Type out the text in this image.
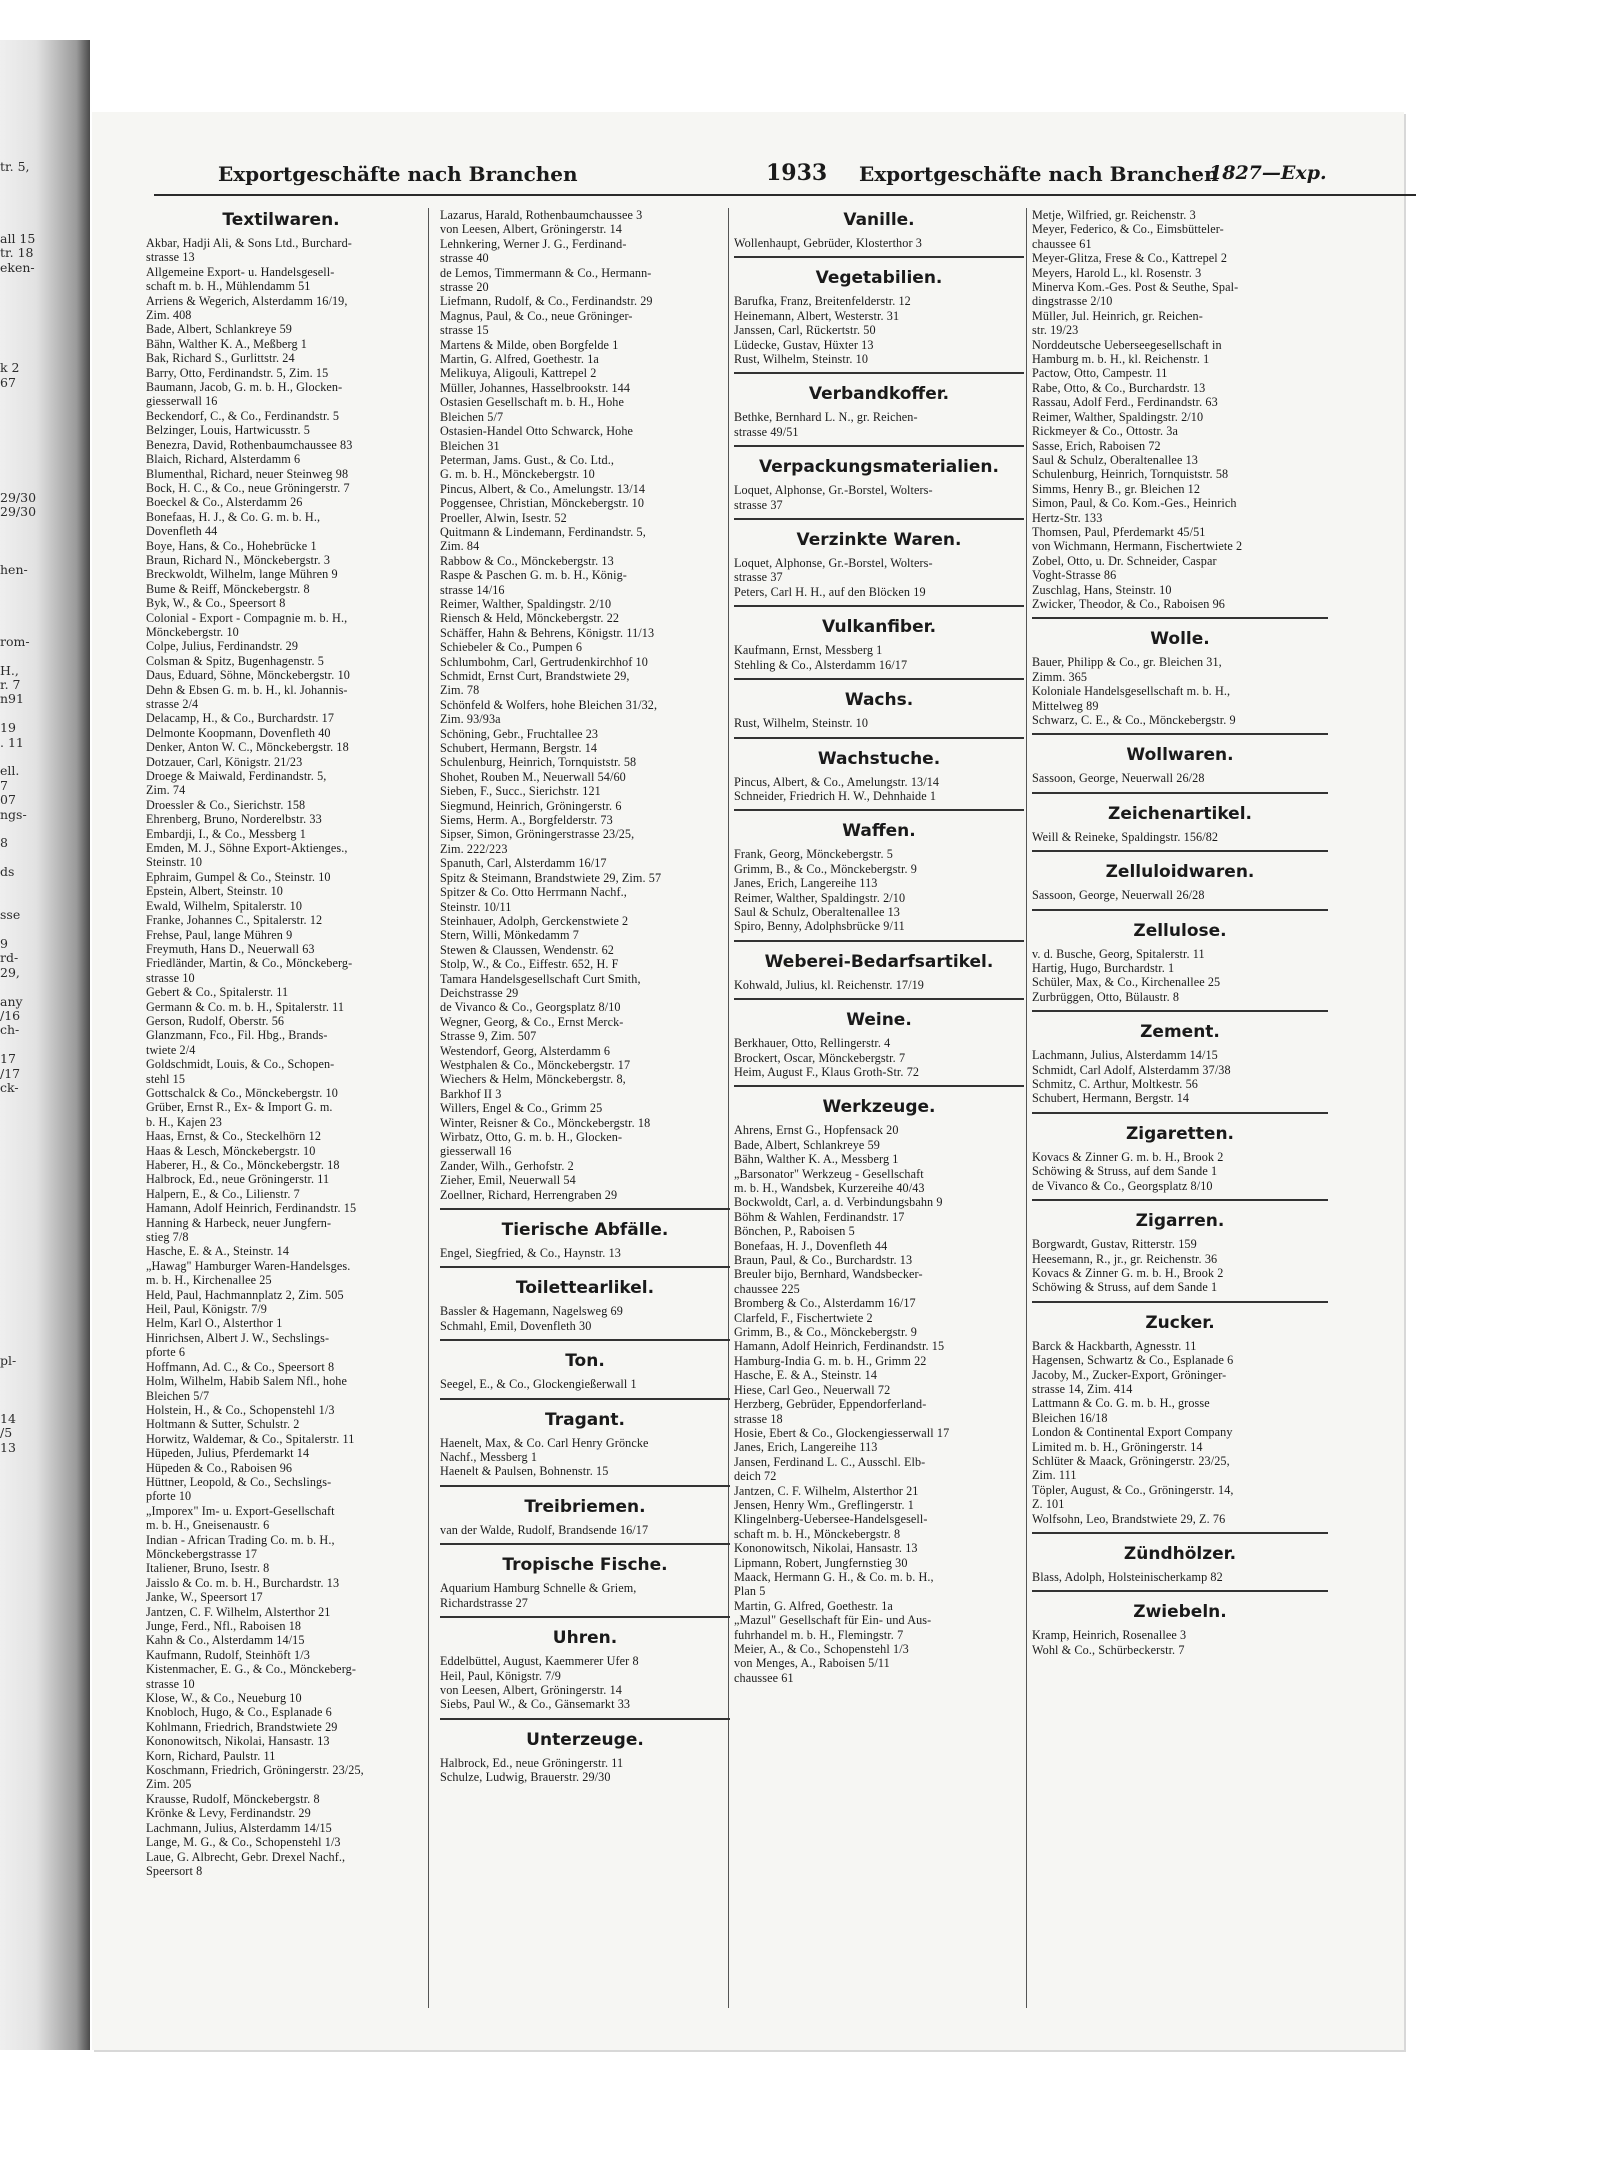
tr. 5,
all 15
tr. 18
eken-
k 2
67
29/30
29/30
hen-
rom-
H.,
r. 7
n91
19
. 11
ell.
7
07
ngs-
8
ds
sse
9
rd-
29,
any
/16
ch-
17
/17
ck-
pl-
14
/5
13
Exportgeschäfte nach Branchen	1933 Exportgeschäfte nach Branchen
1827—Exp.
Textilwaren.
Akbar, Hadji Ali, & Sons Ltd., Burchard-
strasse 13
Allgemeine Export- u. Handelsgesell-
schaft m. b. H., Mühlendamm 51
Arriens & Wegerich, Alsterdamm 16/19,
Zim. 408
Bade, Albert, Schlankreye 59
Bähn, Walther K. A., Meßberg 1
Bak, Richard S., Gurlittstr. 24
Barry, Otto, Ferdinandstr. 5, Zim. 15
Baumann, Jacob, G. m. b. H., Glocken-
giesserwall 16
Beckendorf, C., & Co., Ferdinandstr. 5
Belzinger, Louis, Hartwicusstr. 5
Benezra, David, Rothenbaumchaussee 83
Blaich, Richard, Alsterdamm 6
Blumenthal, Richard, neuer Steinweg 98
Bock, H. C., & Co., neue Gröningerstr. 7
Boeckel & Co., Alsterdamm 26
Bonefaas, H. J., & Co. G. m. b. H.,
Dovenfleth 44
Boye, Hans, & Co., Hohebrücke 1
Braun, Richard N., Mönckebergstr. 3
Breckwoldt, Wilhelm, lange Mühren 9
Bume & Reiff, Mönckebergstr. 8
Byk, W., & Co., Speersort 8
Colonial - Export - Compagnie m. b. H.,
Mönckebergstr. 10
Colpe, Julius, Ferdinandstr. 29
Colsman & Spitz, Bugenhagenstr. 5
Daus, Eduard, Söhne, Mönckebergstr. 10
Dehn & Ebsen G. m. b. H., kl. Johannis-
strasse 2/4
Delacamp, H., & Co., Burchardstr. 17
Delmonte Koopmann, Dovenfleth 40
Denker, Anton W. C., Mönckebergstr. 18
Dotzauer, Carl, Königstr. 21/23
Droege & Maiwald, Ferdinandstr. 5,
Zim. 74
Droessler & Co., Sierichstr. 158
Ehrenberg, Bruno, Norderelbstr. 33
Embardji, I., & Co., Messberg 1
Emden, M. J., Söhne Export-Aktienges.,
Steinstr. 10
Ephraim, Gumpel & Co., Steinstr. 10
Epstein, Albert, Steinstr. 10
Ewald, Wilhelm, Spitalerstr. 10
Franke, Johannes C., Spitalerstr. 12
Frehse, Paul, lange Mühren 9
Freymuth, Hans D., Neuerwall 63
Friedländer, Martin, & Co., Mönckeberg-
strasse 10
Gebert & Co., Spitalerstr. 11
Germann & Co. m. b. H., Spitalerstr. 11
Gerson, Rudolf, Oberstr. 56
Glanzmann, Fco., Fil. Hbg., Brands-
twiete 2/4
Goldschmidt, Louis, & Co., Schopen-
stehl 15
Gottschalck & Co., Mönckebergstr. 10
Grüber, Ernst R., Ex- & Import G. m.
b. H., Kajen 23
Haas, Ernst, & Co., Steckelhörn 12
Haas & Lesch, Mönckebergstr. 10
Haberer, H., & Co., Mönckebergstr. 18
Halbrock, Ed., neue Gröningerstr. 11
Halpern, E., & Co., Lilienstr. 7
Hamann, Adolf Heinrich, Ferdinandstr. 15
Hanning & Harbeck, neuer Jungfern-
stieg 7/8
Hasche, E. & A., Steinstr. 14
„Hawag" Hamburger Waren-Handelsges.
m. b. H., Kirchenallee 25
Held, Paul, Hachmannplatz 2, Zim. 505
Heil, Paul, Königstr. 7/9
Helm, Karl O., Alsterthor 1
Hinrichsen, Albert J. W., Sechslings-
pforte 6
Hoffmann, Ad. C., & Co., Speersort 8
Holm, Wilhelm, Habib Salem Nfl., hohe
Bleichen 5/7
Holstein, H., & Co., Schopenstehl 1/3
Holtmann & Sutter, Schulstr. 2
Horwitz, Waldemar, & Co., Spitalerstr. 11
Hüpeden, Julius, Pferdemarkt 14
Hüpeden & Co., Raboisen 96
Hüttner, Leopold, & Co., Sechslings-
pforte 10
„Imporex" Im- u. Export-Gesellschaft
m. b. H., Gneisenaustr. 6
Indian - African Trading Co. m. b. H.,
Mönckebergstrasse 17
Italiener, Bruno, Isestr. 8
Jaisslo & Co. m. b. H., Burchardstr. 13
Janke, W., Speersort 17
Jantzen, C. F. Wilhelm, Alsterthor 21
Junge, Ferd., Nfl., Raboisen 18
Kahn & Co., Alsterdamm 14/15
Kaufmann, Rudolf, Steinhöft 1/3
Kistenmacher, E. G., & Co., Mönckeberg-
strasse 10
Klose, W., & Co., Neueburg 10
Knobloch, Hugo, & Co., Esplanade 6
Kohlmann, Friedrich, Brandstwiete 29
Kononowitsch, Nikolai, Hansastr. 13
Korn, Richard, Paulstr. 11
Koschmann, Friedrich, Gröningerstr. 23/25,
Zim. 205
Krausse, Rudolf, Mönckebergstr. 8
Krönke & Levy, Ferdinandstr. 29
Lachmann, Julius, Alsterdamm 14/15
Lange, M. G., & Co., Schopenstehl 1/3
Laue, G. Albrecht, Gebr. Drexel Nachf.,
Speersort 8
Lazarus, Harald, Rothenbaumchaussee 3
von Leesen, Albert, Gröningerstr. 14
Lehnkering, Werner J. G., Ferdinand-
strasse 40
de Lemos, Timmermann & Co., Hermann-
strasse 20
Liefmann, Rudolf, & Co., Ferdinandstr. 29
Magnus, Paul, & Co., neue Gröninger-
strasse 15
Martens & Milde, oben Borgfelde 1
Martin, G. Alfred, Goethestr. 1a
Melikuya, Aligouli, Kattrepel 2
Müller, Johannes, Hasselbrookstr. 144
Ostasien Gesellschaft m. b. H., Hohe
Bleichen 5/7
Ostasien-Handel Otto Schwarck, Hohe
Bleichen 31
Peterman, Jams. Gust., & Co. Ltd.,
G. m. b. H., Mönckebergstr. 10
Pincus, Albert, & Co., Amelungstr. 13/14
Poggensee, Christian, Mönckebergstr. 10
Proeller, Alwin, Isestr. 52
Quitmann & Lindemann, Ferdinandstr. 5,
Zim. 84
Rabbow & Co., Mönckebergstr. 13
Raspe & Paschen G. m. b. H., König-
strasse 14/16
Reimer, Walther, Spaldingstr. 2/10
Riensch & Held, Mönckebergstr. 22
Schäffer, Hahn & Behrens, Königstr. 11/13
Schiebeler & Co., Pumpen 6
Schlumbohm, Carl, Gertrudenkirchhof 10
Schmidt, Ernst Curt, Brandstwiete 29,
Zim. 78
Schönfeld & Wolfers, hohe Bleichen 31/32,
Zim. 93/93a
Schöning, Gebr., Fruchtallee 23
Schubert, Hermann, Bergstr. 14
Schulenburg, Heinrich, Tornquiststr. 58
Shohet, Rouben M., Neuerwall 54/60
Sieben, F., Succ., Sierichstr. 121
Siegmund, Heinrich, Gröningerstr. 6
Siems, Herm. A., Borgfelderstr. 73
Sipser, Simon, Gröningerstrasse 23/25,
Zim. 222/223
Spanuth, Carl, Alsterdamm 16/17
Spitz & Steimann, Brandstwiete 29, Zim. 57
Spitzer & Co. Otto Herrmann Nachf.,
Steinstr. 10/11
Steinhauer, Adolph, Gerckenstwiete 2
Stern, Willi, Mönkedamm 7
Stewen & Claussen, Wendenstr. 62
Stolp, W., & Co., Eiffestr. 652, H. F
Tamara Handelsgesellschaft Curt Smith,
Deichstrasse 29
de Vivanco & Co., Georgsplatz 8/10
Wegner, Georg, & Co., Ernst Merck-
Strasse 9, Zim. 507
Westendorf, Georg, Alsterdamm 6
Westphalen & Co., Mönckebergstr. 17
Wiechers & Helm, Mönckebergstr. 8,
Barkhof II 3
Willers, Engel & Co., Grimm 25
Winter, Reisner & Co., Mönckebergstr. 18
Wirbatz, Otto, G. m. b. H., Glocken-
giesserwall 16
Zander, Wilh., Gerhofstr. 2
Zieher, Emil, Neuerwall 54
Zoellner, Richard, Herrengraben 29
Tierische Abfälle.
Engel, Siegfried, & Co., Haynstr. 13
Toilettearlikel.
Bassler & Hagemann, Nagelsweg 69
Schmahl, Emil, Dovenfleth 30
Ton.
Seegel, E., & Co., Glockengießerwall 1
Tragant.
Haenelt, Max, & Co. Carl Henry Gröncke
Nachf., Messberg 1
Haenelt & Paulsen, Bohnenstr. 15
Treibriemen.
van der Walde, Rudolf, Brandsende 16/17
Tropische Fische.
Aquarium Hamburg Schnelle & Griem,
Richardstrasse 27
Uhren.
Eddelbüttel, August, Kaemmerer Ufer 8
Heil, Paul, Königstr. 7/9
von Leesen, Albert, Gröningerstr. 14
Siebs, Paul W., & Co., Gänsemarkt 33
Unterzeuge.
Halbrock, Ed., neue Gröningerstr. 11
Schulze, Ludwig, Brauerstr. 29/30
Vanille.
Wollenhaupt, Gebrüder, Klosterthor 3
Vegetabilien.
Barufka, Franz, Breitenfelderstr. 12
Heinemann, Albert, Westerstr. 31
Janssen, Carl, Rückertstr. 50
Lüdecke, Gustav, Hüxter 13
Rust, Wilhelm, Steinstr. 10
Verbandkoffer.
Bethke, Bernhard L. N., gr. Reichen-
strasse 49/51
Verpackungsmaterialien.
Loquet, Alphonse, Gr.-Borstel, Wolters-
strasse 37
Verzinkte Waren.
Loquet, Alphonse, Gr.-Borstel, Wolters-
strasse 37
Peters, Carl H. H., auf den Blöcken 19
Vulkanfiber.
Kaufmann, Ernst, Messberg 1
Stehling & Co., Alsterdamm 16/17
Wachs.
Rust, Wilhelm, Steinstr. 10
Wachstuche.
Pincus, Albert, & Co., Amelungstr. 13/14
Schneider, Friedrich H. W., Dehnhaide 1
Waffen.
Frank, Georg, Mönckebergstr. 5
Grimm, B., & Co., Mönckebergstr. 9
Janes, Erich, Langereihe 113
Reimer, Walther, Spaldingstr. 2/10
Saul & Schulz, Oberaltenallee 13
Spiro, Benny, Adolphsbrücke 9/11
Weberei-Bedarfsartikel.
Kohwald, Julius, kl. Reichenstr. 17/19
Weine.
Berkhauer, Otto, Rellingerstr. 4
Brockert, Oscar, Mönckebergstr. 7
Heim, August F., Klaus Groth-Str. 72
Werkzeuge.
Ahrens, Ernst G., Hopfensack 20
Bade, Albert, Schlankreye 59
Bähn, Walther K. A., Messberg 1
„Barsonator" Werkzeug - Gesellschaft
m. b. H., Wandsbek, Kurzereihe 40/43
Bockwoldt, Carl, a. d. Verbindungsbahn 9
Böhm & Wahlen, Ferdinandstr. 17
Bönchen, P., Raboisen 5
Bonefaas, H. J., Dovenfleth 44
Braun, Paul, & Co., Burchardstr. 13
Breuler bijo, Bernhard, Wandsbecker-
chaussee 225
Bromberg & Co., Alsterdamm 16/17
Clarfeld, F., Fischertwiete 2
Grimm, B., & Co., Mönckebergstr. 9
Hamann, Adolf Heinrich, Ferdinandstr. 15
Hamburg-India G. m. b. H., Grimm 22
Hasche, E. & A., Steinstr. 14
Hiese, Carl Geo., Neuerwall 72
Herzberg, Gebrüder, Eppendorferland-
strasse 18
Hosie, Ebert & Co., Glockengiesserwall 17
Janes, Erich, Langereihe 113
Jansen, Ferdinand L. C., Ausschl. Elb-
deich 72
Jantzen, C. F. Wilhelm, Alsterthor 21
Jensen, Henry Wm., Greflingerstr. 1
Klingelnberg-Uebersee-Handelsgesell-
schaft m. b. H., Mönckebergstr. 8
Kononowitsch, Nikolai, Hansastr. 13
Lipmann, Robert, Jungfernstieg 30
Maack, Hermann G. H., & Co. m. b. H.,
Plan 5
Martin, G. Alfred, Goethestr. 1a
„Mazul" Gesellschaft für Ein- und Aus-
fuhrhandel m. b. H., Flemingstr. 7
Meier, A., & Co., Schopenstehl 1/3
von Menges, A., Raboisen 5/11
chaussee 61
Metje, Wilfried, gr. Reichenstr. 3
Meyer, Federico, & Co., Eimsbütteler-
chaussee 61
Meyer-Glitza, Frese & Co., Kattrepel 2
Meyers, Harold L., kl. Rosenstr. 3
Minerva Kom.-Ges. Post & Seuthe, Spal-
dingstrasse 2/10
Müller, Jul. Heinrich, gr. Reichen-
str. 19/23
Norddeutsche Ueberseegesellschaft in
Hamburg m. b. H., kl. Reichenstr. 1
Pactow, Otto, Campestr. 11
Rabe, Otto, & Co., Burchardstr. 13
Rassau, Adolf Ferd., Ferdinandstr. 63
Reimer, Walther, Spaldingstr. 2/10
Rickmeyer & Co., Ottostr. 3a
Sasse, Erich, Raboisen 72
Saul & Schulz, Oberaltenallee 13
Schulenburg, Heinrich, Tornquiststr. 58
Simms, Henry B., gr. Bleichen 12
Simon, Paul, & Co. Kom.-Ges., Heinrich
Hertz-Str. 133
Thomsen, Paul, Pferdemarkt 45/51
von Wichmann, Hermann, Fischertwiete 2
Zobel, Otto, u. Dr. Schneider, Caspar
Voght-Strasse 86
Zuschlag, Hans, Steinstr. 10
Zwicker, Theodor, & Co., Raboisen 96
Wolle.
Bauer, Philipp & Co., gr. Bleichen 31,
Zimm. 365
Koloniale Handelsgesellschaft m. b. H.,
Mittelweg 89
Schwarz, C. E., & Co., Mönckebergstr. 9
Wollwaren.
Sassoon, George, Neuerwall 26/28
Zeichenartikel.
Weill & Reineke, Spaldingstr. 156/82
Zelluloidwaren.
Sassoon, George, Neuerwall 26/28
Zellulose.
v. d. Busche, Georg, Spitalerstr. 11
Hartig, Hugo, Burchardstr. 1
Schüler, Max, & Co., Kirchenallee 25
Zurbrüggen, Otto, Bülaustr. 8
Zement.
Lachmann, Julius, Alsterdamm 14/15
Schmidt, Carl Adolf, Alsterdamm 37/38
Schmitz, C. Arthur, Moltkestr. 56
Schubert, Hermann, Bergstr. 14
Zigaretten.
Kovacs & Zinner G. m. b. H., Brook 2
Schöwing & Struss, auf dem Sande 1
de Vivanco & Co., Georgsplatz 8/10
Zigarren.
Borgwardt, Gustav, Ritterstr. 159
Heesemann, R., jr., gr. Reichenstr. 36
Kovacs & Zinner G. m. b. H., Brook 2
Schöwing & Struss, auf dem Sande 1
Zucker.
Barck & Hackbarth, Agnesstr. 11
Hagensen, Schwartz & Co., Esplanade 6
Jacoby, M., Zucker-Export, Gröninger-
strasse 14, Zim. 414
Lattmann & Co. G. m. b. H., grosse
Bleichen 16/18
London & Continental Export Company
Limited m. b. H., Gröningerstr. 14
Schlüter & Maack, Gröningerstr. 23/25,
Zim. 111
Töpler, August, & Co., Gröningerstr. 14,
Z. 101
Wolfsohn, Leo, Brandstwiete 29, Z. 76
Zündhölzer.
Blass, Adolph, Holsteinischerkamp 82
Zwiebeln.
Kramp, Heinrich, Rosenallee 3
Wohl & Co., Schürbeckerstr. 7
